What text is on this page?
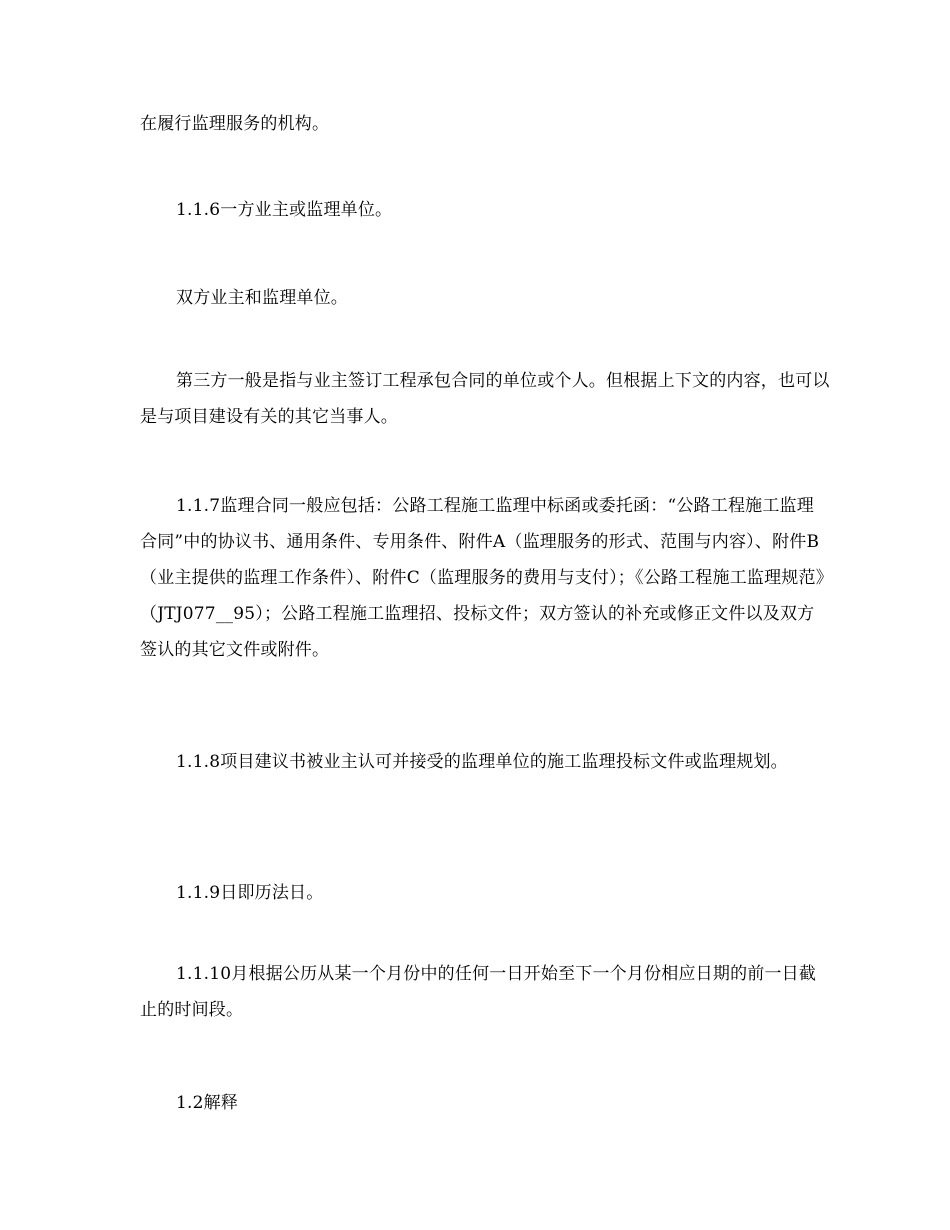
在履行监理服务的机构。

1.1.6一方业主或监理单位。

双方业主和监理单位。

第三方一般是指与业主签订工程承包合同的单位或个人。但根据上下文的内容，也可以是与项目建设有关的其它当事人。

1.1.7监理合同一般应包括：公路工程施工监理中标函或委托函：“公路工程施工监理合同”中的协议书、通用条件、专用条件、附件A（监理服务的形式、范围与内容）、附件B（业主提供的监理工作条件）、附件C（监理服务的费用与支付）；《公路工程施工监理规范》（JTJ077__95）；公路工程施工监理招、投标文件；双方签认的补充或修正文件以及双方签认的其它文件或附件。

1.1.8项目建议书被业主认可并接受的监理单位的施工监理投标文件或监理规划。

1.1.9日即历法日。

1.1.10月根据公历从某一个月份中的任何一日开始至下一个月份相应日期的前一日截止的时间段。

1.2解释
